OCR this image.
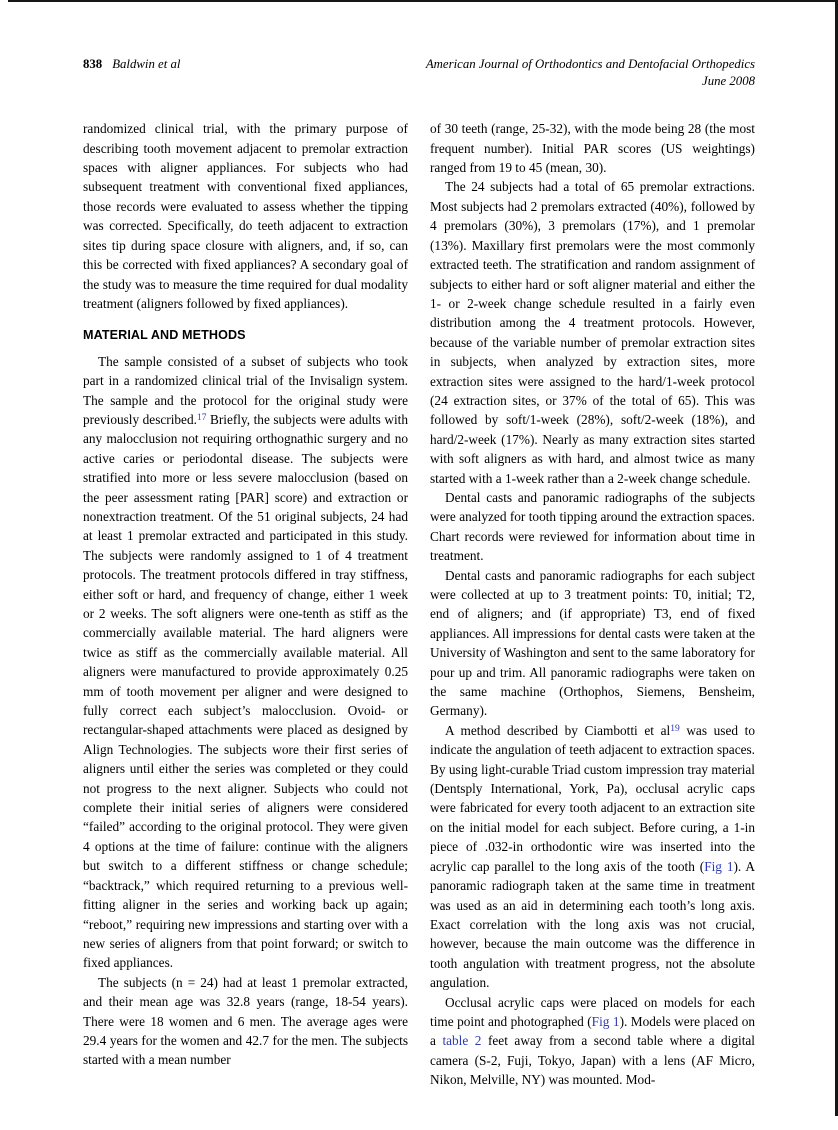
838 Baldwin et al	American Journal of Orthodontics and Dentofacial Orthopedics
June 2008

randomized clinical trial, with the primary purpose of describing tooth movement adjacent to premolar extraction spaces with aligner appliances. For subjects who had subsequent treatment with conventional fixed appliances, those records were evaluated to assess whether the tipping was corrected. Specifically, do teeth adjacent to extraction sites tip during space closure with aligners, and, if so, can this be corrected with fixed appliances? A secondary goal of the study was to measure the time required for dual modality treatment (aligners followed by fixed appliances).

MATERIAL AND METHODS

The sample consisted of a subset of subjects who took part in a randomized clinical trial of the Invisalign system. The sample and the protocol for the original study were previously described.$^{17}$ Briefly, the subjects were adults with any malocclusion not requiring orthognathic surgery and no active caries or periodontal disease. The subjects were stratified into more or less severe malocclusion (based on the peer assessment rating [PAR] score) and extraction or nonextraction treatment. Of the 51 original subjects, 24 had at least 1 premolar extracted and participated in this study. The subjects were randomly assigned to 1 of 4 treatment protocols. The treatment protocols differed in tray stiffness, either soft or hard, and frequency of change, either 1 week or 2 weeks. The soft aligners were one-tenth as stiff as the commercially available material. The hard aligners were twice as stiff as the commercially available material. All aligners were manufactured to provide approximately 0.25 mm of tooth movement per aligner and were designed to fully correct each subject’s malocclusion. Ovoid- or rectangular-shaped attachments were placed as designed by Align Technologies. The subjects wore their first series of aligners until either the series was completed or they could not progress to the next aligner. Subjects who could not complete their initial series of aligners were considered “failed” according to the original protocol. They were given 4 options at the time of failure: continue with the aligners but switch to a different stiffness or change schedule; “backtrack,” which required returning to a previous well-fitting aligner in the series and working back up again; “reboot,” requiring new impressions and starting over with a new series of aligners from that point forward; or switch to fixed appliances.

The subjects (n = 24) had at least 1 premolar extracted, and their mean age was 32.8 years (range, 18-54 years). There were 18 women and 6 men. The average ages were 29.4 years for the women and 42.7 for the men. The subjects started with a mean number

of 30 teeth (range, 25-32), with the mode being 28 (the most frequent number). Initial PAR scores (US weightings) ranged from 19 to 45 (mean, 30).

The 24 subjects had a total of 65 premolar extractions. Most subjects had 2 premolars extracted (40%), followed by 4 premolars (30%), 3 premolars (17%), and 1 premolar (13%). Maxillary first premolars were the most commonly extracted teeth. The stratification and random assignment of subjects to either hard or soft aligner material and either the 1- or 2-week change schedule resulted in a fairly even distribution among the 4 treatment protocols. However, because of the variable number of premolar extraction sites in subjects, when analyzed by extraction sites, more extraction sites were assigned to the hard/1-week protocol (24 extraction sites, or 37% of the total of 65). This was followed by soft/1-week (28%), soft/2-week (18%), and hard/2-week (17%). Nearly as many extraction sites started with soft aligners as with hard, and almost twice as many started with a 1-week rather than a 2-week change schedule.

Dental casts and panoramic radiographs of the subjects were analyzed for tooth tipping around the extraction spaces. Chart records were reviewed for information about time in treatment.

Dental casts and panoramic radiographs for each subject were collected at up to 3 treatment points: T0, initial; T2, end of aligners; and (if appropriate) T3, end of fixed appliances. All impressions for dental casts were taken at the University of Washington and sent to the same laboratory for pour up and trim. All panoramic radiographs were taken on the same machine (Orthophos, Siemens, Bensheim, Germany).

A method described by Ciambotti et al$^{19}$ was used to indicate the angulation of teeth adjacent to extraction spaces. By using light-curable Triad custom impression tray material (Dentsply International, York, Pa), occlusal acrylic caps were fabricated for every tooth adjacent to an extraction site on the initial model for each subject. Before curing, a 1-in piece of .032-in orthodontic wire was inserted into the acrylic cap parallel to the long axis of the tooth (Fig 1). A panoramic radiograph taken at the same time in treatment was used as an aid in determining each tooth’s long axis. Exact correlation with the long axis was not crucial, however, because the main outcome was the difference in tooth angulation with treatment progress, not the absolute angulation.

Occlusal acrylic caps were placed on models for each time point and photographed (Fig 1). Models were placed on a table 2 feet away from a second table where a digital camera (S-2, Fuji, Tokyo, Japan) with a lens (AF Micro, Nikon, Melville, NY) was mounted. Mod-
